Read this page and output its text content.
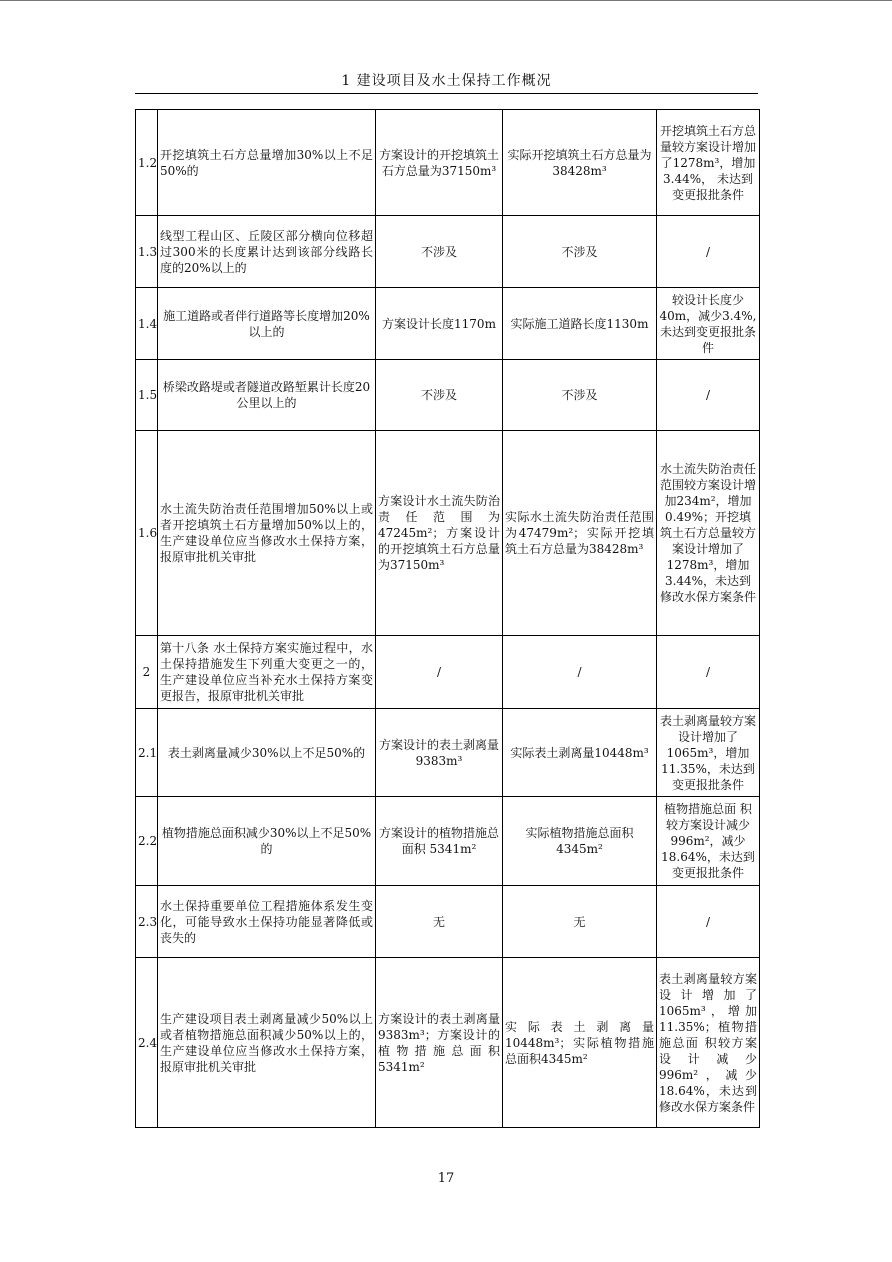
1 建设项目及水土保持工作概况
1.2	开挖填筑土石方总量增加30%以上不足50%的	方案设计的开挖填筑土石方总量为37150m³	实际开挖填筑土石方总量为38428m³	开挖填筑土石方总量较方案设计增加了1278m³，增加3.44%， 未达到变更报批条件
1.3	线型工程山区、丘陵区部分横向位移超过300米的长度累计达到该部分线路长度的20%以上的	不涉及	不涉及	/
1.4	施工道路或者伴行道路等长度增加20%以上的	方案设计长度1170m	实际施工道路长度1130m	较设计长度少40m，减少3.4%,未达到变更报批条件
1.5	桥梁改路堤或者隧道改路堑累计长度20公里以上的	不涉及	不涉及	/
1.6	水土流失防治责任范围增加50%以上或者开挖填筑土石方量增加50%以上的，生产建设单位应当修改水土保持方案，报原审批机关审批	方案设计水土流失防治责任范围为47245m²；方案设计的开挖填筑土石方总量为37150m³	实际水土流失防治责任范围为47479m²；实际开挖填筑土石方总量为38428m³	水土流失防治责任范围较方案设计增加234m²，增加0.49%；开挖填筑土石方总量较方案设计增加了1278m³，增加3.44%，未达到修改水保方案条件
2	第十八条 水土保持方案实施过程中，水土保持措施发生下列重大变更之一的，生产建设单位应当补充水土保持方案变更报告，报原审批机关审批	/	/	/
2.1	表土剥离量减少30%以上不足50%的	方案设计的表土剥离量 9383m³	实际表土剥离量10448m³	表土剥离量较方案设计增加了1065m³，增加11.35%，未达到变更报批条件
2.2	植物措施总面积减少30%以上不足50%的	方案设计的植物措施总面积 5341m²	实际植物措施总面积4345m²	植物措施总面 积较方案设计减少996m²，减少18.64%，未达到变更报批条件
2.3	水土保持重要单位工程措施体系发生变化，可能导致水土保持功能显著降低或丧失的	无	无	/
2.4	生产建设项目表土剥离量减少50%以上或者植物措施总面积减少50%以上的，生产建设单位应当修改水土保持方案，报原审批机关审批	方案设计的表土剥离量9383m³；方案设计的植物措施总面积5341m²	实际表土剥离量10448m³；实际植物措施总面积4345m²	表土剥离量较方案设计增加了1065m³，增加11.35%；植物措施总面 积较方案设计减少996m²，减少18.64%，未达到修改水保方案条件
17
